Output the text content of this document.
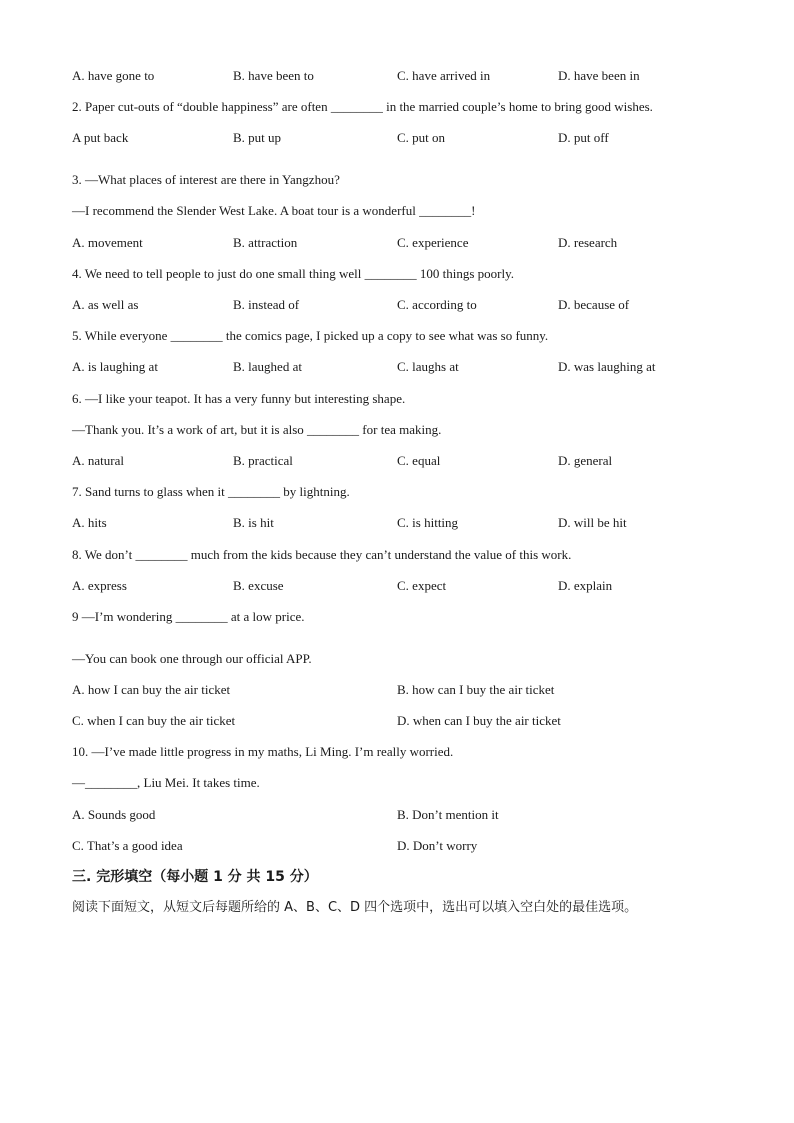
A. have gone to	B. have been to	C. have arrived in	D. have been in
2. Paper cut-outs of “double happiness” are often ________ in the married couple’s home to bring good wishes.
A put back	B. put up	C. put on	D. put off
3. —What places of interest are there in Yangzhou?
—I recommend the Slender West Lake. A boat tour is a wonderful ________!
A. movement	B. attraction	C. experience	D. research
4. We need to tell people to just do one small thing well ________ 100 things poorly.
A. as well as	B. instead of	C. according to	D. because of
5. While everyone ________ the comics page, I picked up a copy to see what was so funny.
A. is laughing at	B. laughed at	C. laughs at	D. was laughing at
6. —I like your teapot. It has a very funny but interesting shape.
—Thank you. It’s a work of art, but it is also ________ for tea making.
A. natural	B. practical	C. equal	D. general
7. Sand turns to glass when it ________ by lightning.
A. hits	B. is hit	C. is hitting	D. will be hit
8. We don’t ________ much from the kids because they can’t understand the value of this work.
A. express	B. excuse	C. expect	D. explain
9 —I’m wondering ________ at a low price.
—You can book one through our official APP.
A. how I can buy the air ticket	B. how can I buy the air ticket
C. when I can buy the air ticket	D. when can I buy the air ticket
10. —I’ve made little progress in my maths, Li Ming. I’m really worried.
—________, Liu Mei. It takes time.
A. Sounds good	B. Don’t mention it
C. That’s a good idea	D. Don’t worry
三. 完形填空（每小题 1 分 共 15 分）
阅读下面短文，从短文后每题所给的 A、B、C、D 四个选项中，选出可以填入空白处的最佳选项。
